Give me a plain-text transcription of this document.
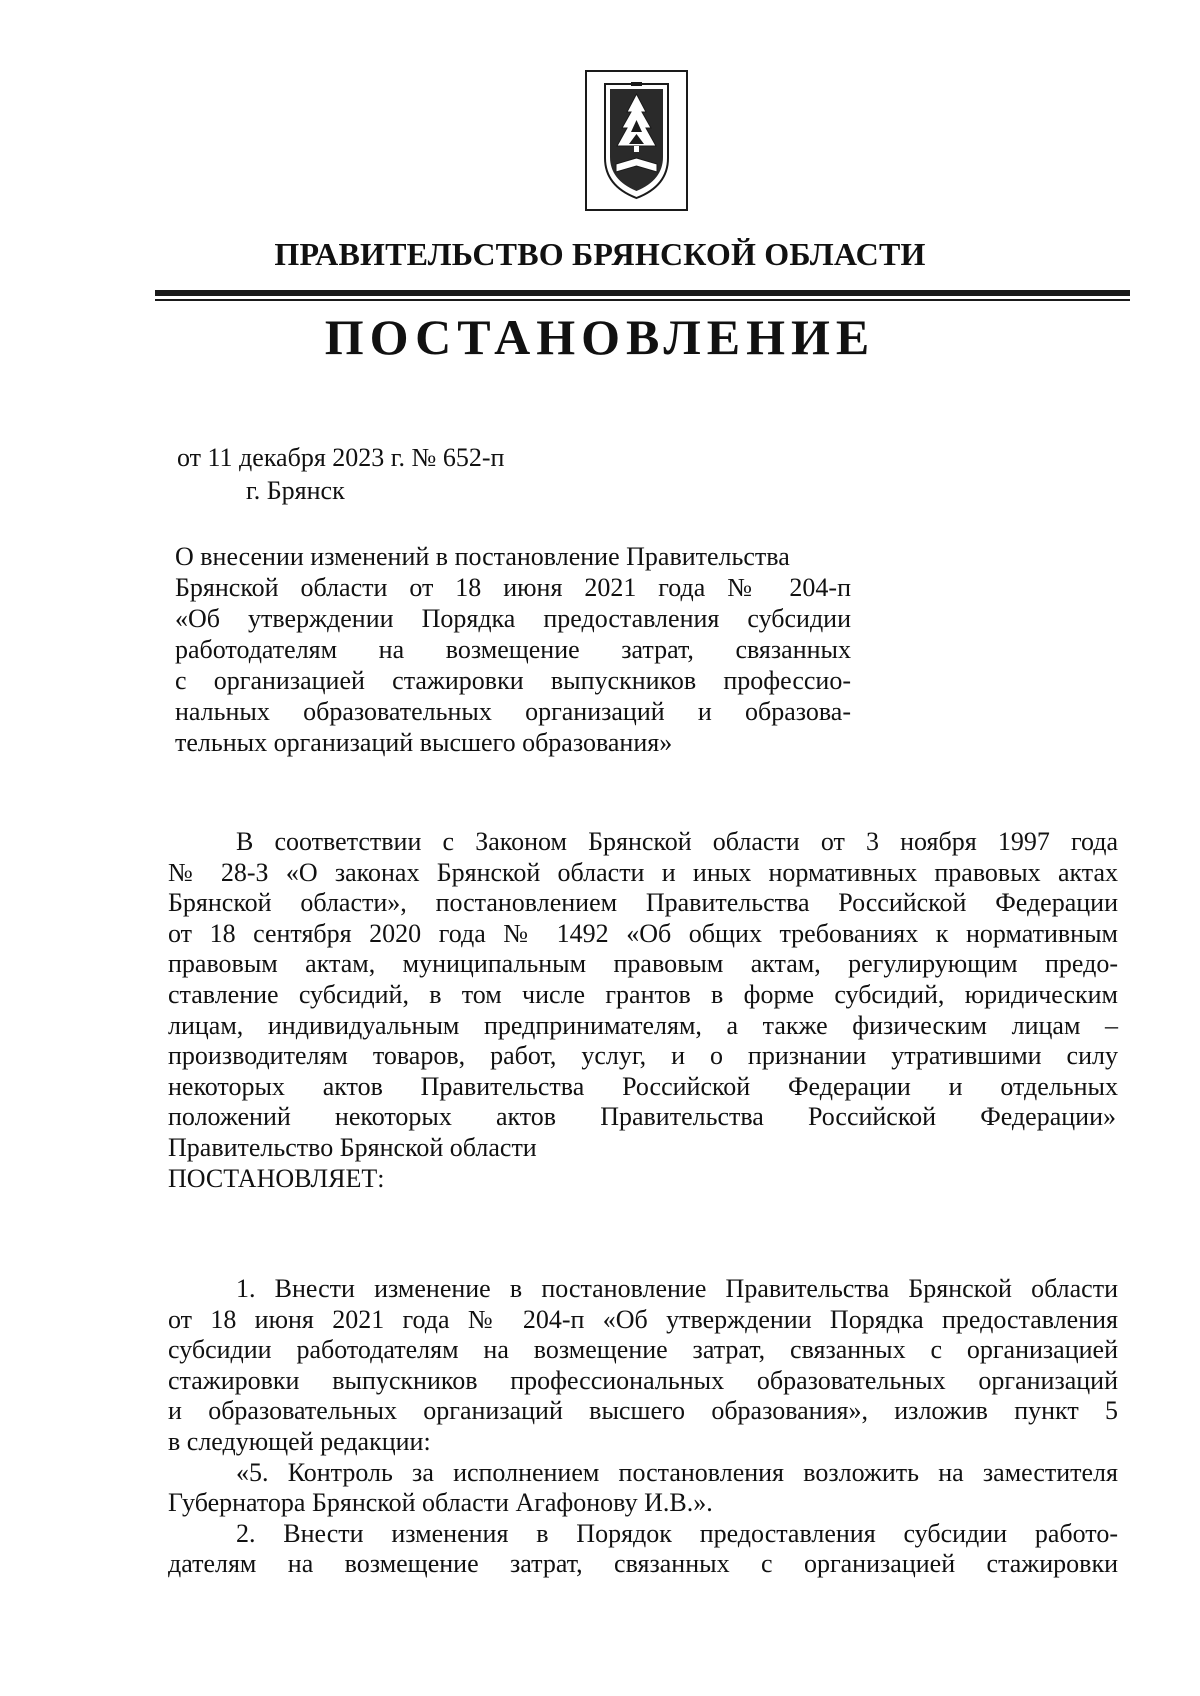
ПРАВИТЕЛЬСТВО БРЯНСКОЙ ОБЛАСТИ
ПОСТАНОВЛЕНИЕ
от 11 декабря 2023 г. № 652-п
г. Брянск
О внесении изменений в постановление Правительства
Брянской области от 18 июня 2021 года № 204-п
«Об утверждении Порядка предоставления субсидии
работодателям на возмещение затрат, связанных
с организацией стажировки выпускников профессио-
нальных образовательных организаций и образова-
тельных организаций высшего образования»
В соответствии с Законом Брянской области от 3 ноября 1997 года
№ 28-З «О законах Брянской области и иных нормативных правовых актах
Брянской области», постановлением Правительства Российской Федерации
от 18 сентября 2020 года № 1492 «Об общих требованиях к нормативным
правовым актам, муниципальным правовым актам, регулирующим предо-
ставление субсидий, в том числе грантов в форме субсидий, юридическим
лицам, индивидуальным предпринимателям, а также физическим лицам –
производителям товаров, работ, услуг, и о признании утратившими силу
некоторых актов Правительства Российской Федерации и отдельных
положений некоторых актов Правительства Российской Федерации»
Правительство Брянской области
ПОСТАНОВЛЯЕТ:
1. Внести изменение в постановление Правительства Брянской области
от 18 июня 2021 года № 204-п «Об утверждении Порядка предоставления
субсидии работодателям на возмещение затрат, связанных с организацией
стажировки выпускников профессиональных образовательных организаций
и образовательных организаций высшего образования», изложив пункт 5
в следующей редакции:
«5. Контроль за исполнением постановления возложить на заместителя
Губернатора Брянской области Агафонову И.В.».
2. Внести изменения в Порядок предоставления субсидии работо-
дателям на возмещение затрат, связанных с организацией стажировки
